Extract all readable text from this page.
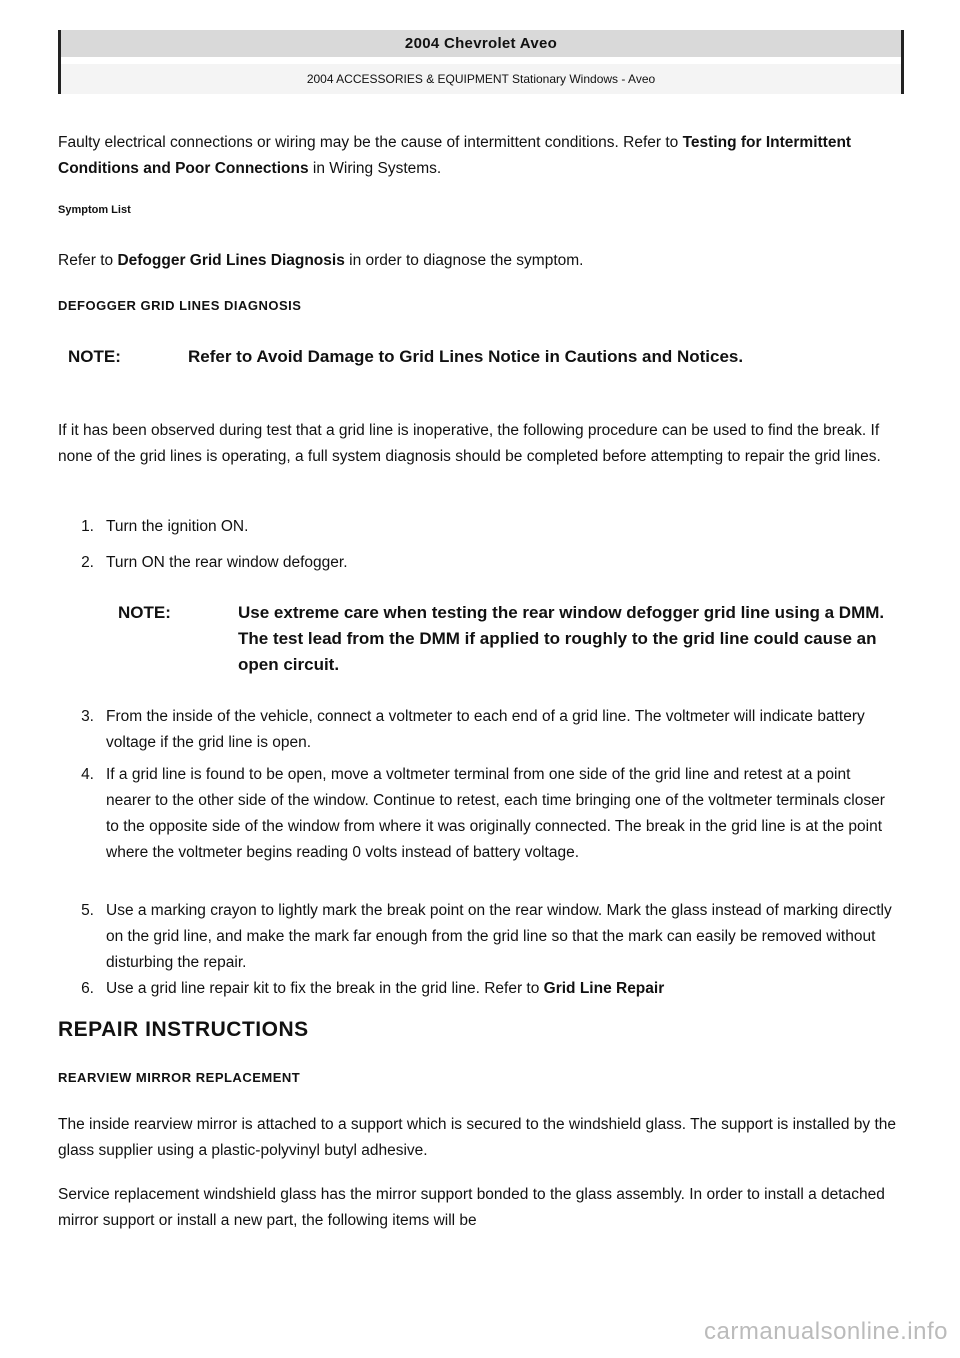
2004 Chevrolet Aveo
2004 ACCESSORIES & EQUIPMENT Stationary Windows - Aveo

Faulty electrical connections or wiring may be the cause of intermittent conditions. Refer to Testing for Intermittent Conditions and Poor Connections in Wiring Systems.

Symptom List

Refer to Defogger Grid Lines Diagnosis in order to diagnose the symptom.

DEFOGGER GRID LINES DIAGNOSIS
NOTE:	Refer to Avoid Damage to Grid Lines Notice in Cautions and Notices.

If it has been observed during test that a grid line is inoperative, the following procedure can be used to find the break. If none of the grid lines is operating, a full system diagnosis should be completed before attempting to repair the grid lines.

1. Turn the ignition ON.
2. Turn ON the rear window defogger.
NOTE:	Use extreme care when testing the rear window defogger grid line using a DMM. The test lead from the DMM if applied to roughly to the grid line could cause an open circuit.
3. From the inside of the vehicle, connect a voltmeter to each end of a grid line. The voltmeter will indicate battery voltage if the grid line is open.
4. If a grid line is found to be open, move a voltmeter terminal from one side of the grid line and retest at a point nearer to the other side of the window. Continue to retest, each time bringing one of the voltmeter terminals closer to the opposite side of the window from where it was originally connected. The break in the grid line is at the point where the voltmeter begins reading 0 volts instead of battery voltage.
5. Use a marking crayon to lightly mark the break point on the rear window. Mark the glass instead of marking directly on the grid line, and make the mark far enough from the grid line so that the mark can easily be removed without disturbing the repair.
6. Use a grid line repair kit to fix the break in the grid line. Refer to Grid Line Repair
REPAIR INSTRUCTIONS
REARVIEW MIRROR REPLACEMENT

The inside rearview mirror is attached to a support which is secured to the windshield glass. The support is installed by the glass supplier using a plastic-polyvinyl butyl adhesive.

Service replacement windshield glass has the mirror support bonded to the glass assembly. In order to install a detached mirror support or install a new part, the following items will be

carmanualsonline.info
